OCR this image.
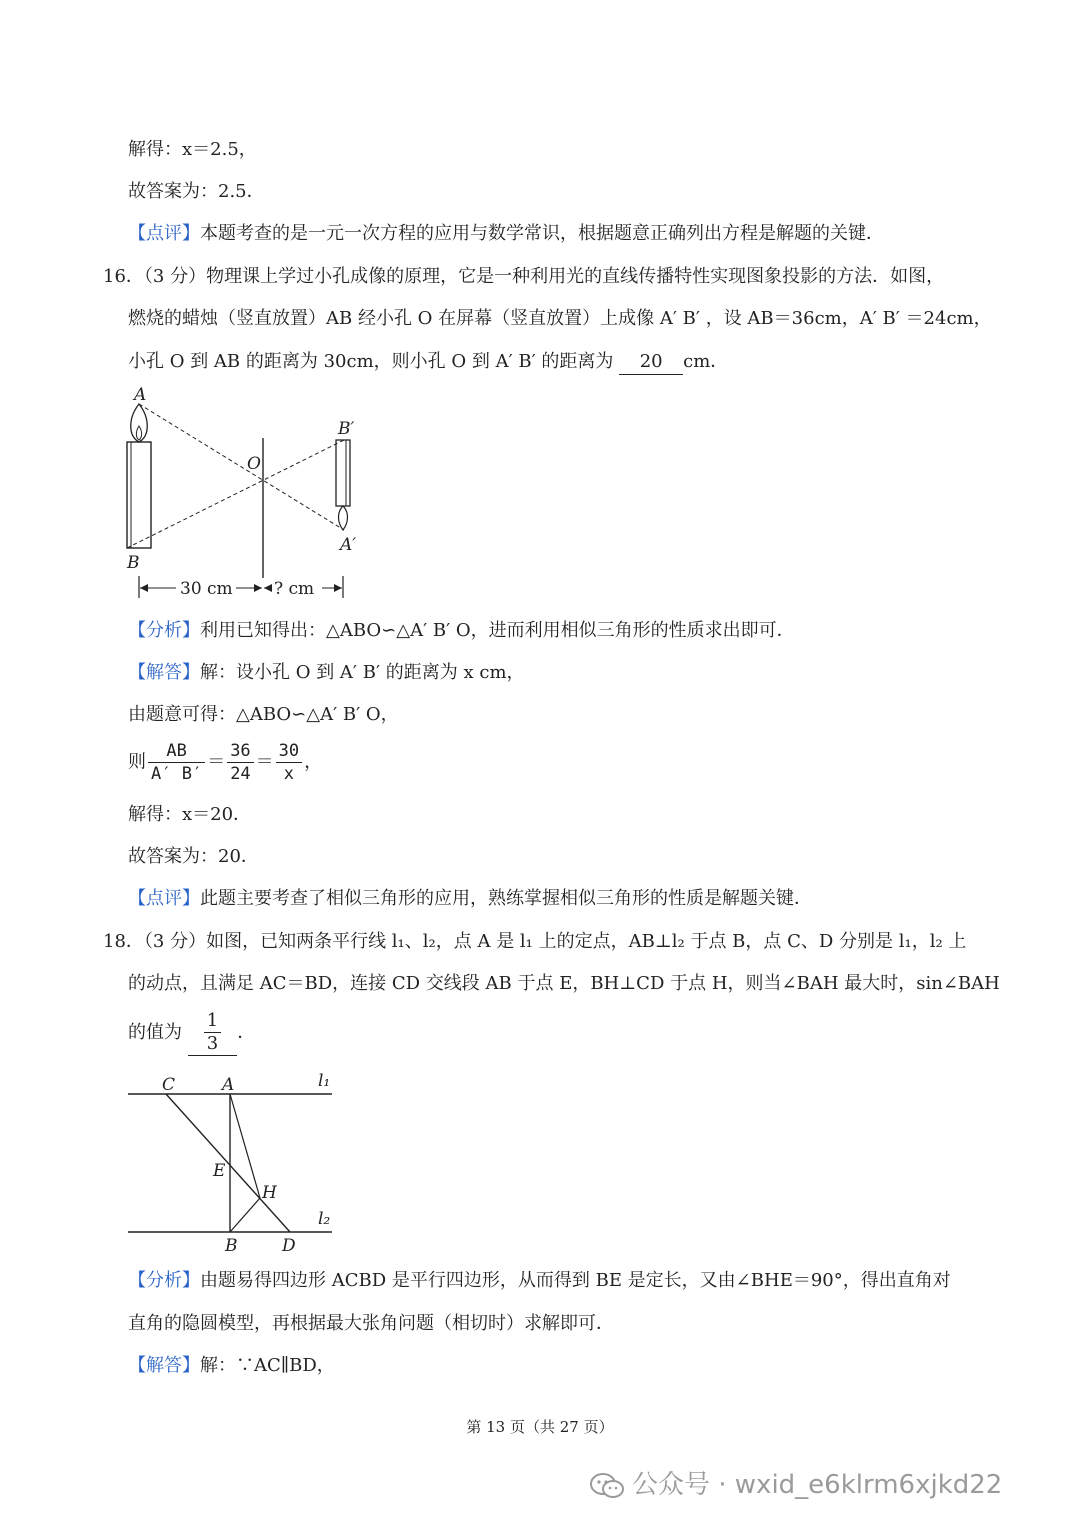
解得：x＝2.5，
故答案为：2.5．
【点评】本题考查的是一元一次方程的应用与数学常识，根据题意正确列出方程是解题的关键．
16．（3 分）物理课上学过小孔成像的原理，它是一种利用光的直线传播特性实现图象投影的方法．如图，
燃烧的蜡烛（竖直放置）AB 经小孔 O 在屏幕（竖直放置）上成像 A′ B′ ，设 AB＝36cm，A′ B′ ＝24cm，
小孔 O 到 AB 的距离为 30cm，则小孔 O 到 A′ B′ 的距离为 20 cm．
A
B
O
B′
A′
30 cm ? cm
【分析】利用已知得出：△ABO∽△A′ B′ O，进而利用相似三角形的性质求出即可．
【解答】解：设小孔 O 到 A′ B′ 的距离为 x cm，
由题意可得：△ABO∽△A′ B′ O，
则 $\frac{AB}{A' B'} = \frac{36}{24} = \frac{30}{x}$ ，
解得：x＝20．
故答案为：20．
【点评】此题主要考查了相似三角形的应用，熟练掌握相似三角形的性质是解题关键．
18．（3 分）如图，已知两条平行线 l₁、l₂，点 A 是 l₁ 上的定点，AB⊥l₂ 于点 B，点 C、D 分别是 l₁，l₂ 上
的动点，且满足 AC＝BD，连接 CD 交线段 AB 于点 E，BH⊥CD 于点 H，则当∠BAH 最大时，sin∠BAH
的值为 $\frac{1}{3}$ ．
C	A	l₁
E
H
l₂
B	D
【分析】由题易得四边形 ACBD 是平行四边形，从而得到 BE 是定长，又由∠BHE＝90°，得出直角对
直角的隐圆模型，再根据最大张角问题（相切时）求解即可．
【解答】解：∵AC∥BD，
第 13 页（共 27 页）
公众号 · wxid_e6klrm6xjkd22
